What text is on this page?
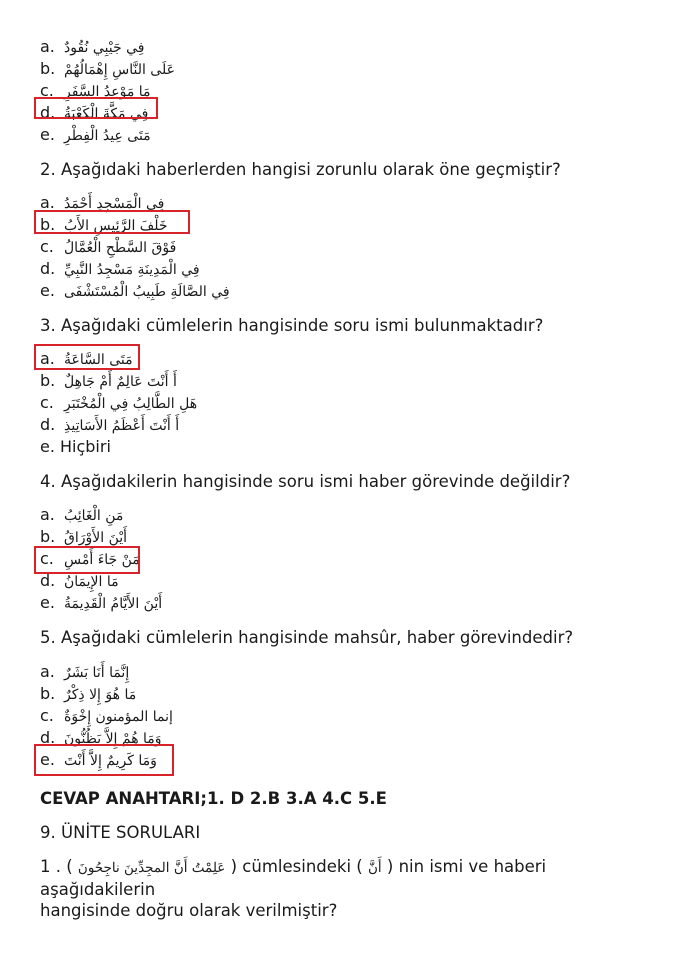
a. فِي جَيْبِي نُقُودٌ
b. عَلَى النَّاسِ إِهْمَالُهُمْ
c. مَا مَوْعِدُ السَّفَرِ
d. فِي مَكَّةَ الْكَعْبَةُ
e. مَتَى عِيدُ الْفِطْرِ
2. Aşağıdaki haberlerden hangisi zorunlu olarak öne geçmiştir?
a. فِي الْمَسْجِدِ أَحْمَدُ
b. خَلْفَ الرَّئِيسِ الأَبُ
c. فَوْقَ السَّطْحِ الْعُمَّالُ
d. فِي الْمَدِينَةِ مَسْجِدُ النَّبِيِّ
e. فِي الصَّالَةِ طَبِيبُ الْمُسْتَشْفَى
3. Aşağıdaki cümlelerin hangisinde soru ismi bulunmaktadır?
a. مَتَى السَّاعَةُ
b. أَ أَنْتَ عَالِمٌ أَمْ جَاهِلٌ
c. هَلِ الطَّالِبُ فِي الْمُخْتَبَرِ
d. أَ أَنْتَ أَعْظَمُ الأَسَاتِيذِ
e. Hiçbiri
4. Aşağıdakilerin hangisinde soru ismi haber görevinde değildir?
a. مَنِ الْغَائِبُ
b. أَيْنَ الأَوْرَاقُ
c. مَنْ جَاءَ أَمْسِ
d. مَا الإِيمَانُ
e. أَيْنَ الأَيَّامُ الْقَدِيمَةُ
5. Aşağıdaki cümlelerin hangisinde mahsûr, haber görevindedir?
a. إِنَّمَا أَنَا بَشَرٌ
b. مَا هُوَ إِلا ذِكْرٌ
c. إنما المؤمنون إِخْوَةٌ
d. وَمَا هُمْ إِلاَّ يَظُنُّونَ
e. وَمَا كَرِيمٌ إِلاَّ أَنْتَ
CEVAP ANAHTARI;1. D 2.B 3.A 4.C 5.E
9. ÜNİTE SORULARI
1 . ( عَلِمْتُ أَنَّ المجِدِّينَ ناجِحُونَ ) cümlesindeki ( أَنَّ ) nin ismi ve haberi
aşağıdakilerin
hangisinde doğru olarak verilmiştir?
